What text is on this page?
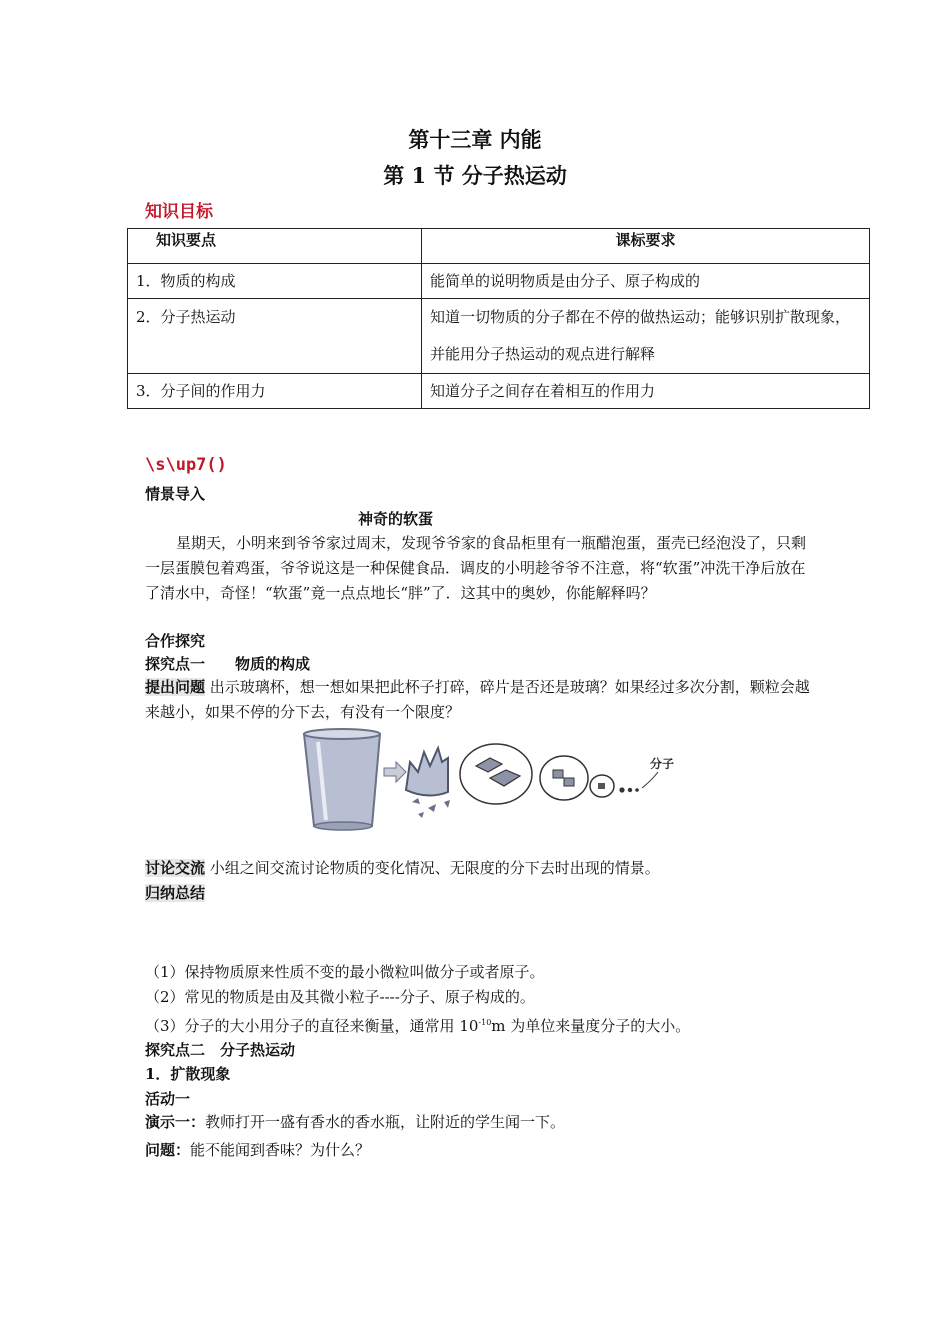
第十三章 内能
第 1 节 分子热运动
知识目标
知识要点	课标要求
1．物质的构成	能简单的说明物质是由分子、原子构成的
2．分子热运动	知道一切物质的分子都在不停的做热运动；能够识别扩散现象，并能用分子热运动的观点进行解释
3．分子间的作用力	知道分子之间存在着相互的作用力
\s\up7()
情景导入
神奇的软蛋
星期天，小明来到爷爷家过周末，发现爷爷家的食品柜里有一瓶醋泡蛋，蛋壳已经泡没了，只剩一层蛋膜包着鸡蛋，爷爷说这是一种保健食品．调皮的小明趁爷爷不注意，将“软蛋”冲洗干净后放在了清水中，奇怪！“软蛋”竟一点点地长“胖”了．这其中的奥妙，你能解释吗？
合作探究
探究点一　　物质的构成
提出问题 出示玻璃杯，想一想如果把此杯子打碎，碎片是否还是玻璃？如果经过多次分割，颗粒会越来越小，如果不停的分下去，有没有一个限度？
分子
讨论交流 小组之间交流讨论物质的变化情况、无限度的分下去时出现的情景。
归纳总结
（1）保持物质原来性质不变的最小微粒叫做分子或者原子。
（2）常见的物质是由及其微小粒子----分子、原子构成的。
（3）分子的大小用分子的直径来衡量，通常用 $10^{-10}m$ 为单位来量度分子的大小。
探究点二　分子热运动
1．扩散现象
活动一
演示一：教师打开一盛有香水的香水瓶，让附近的学生闻一下。
问题：能不能闻到香味？为什么？
